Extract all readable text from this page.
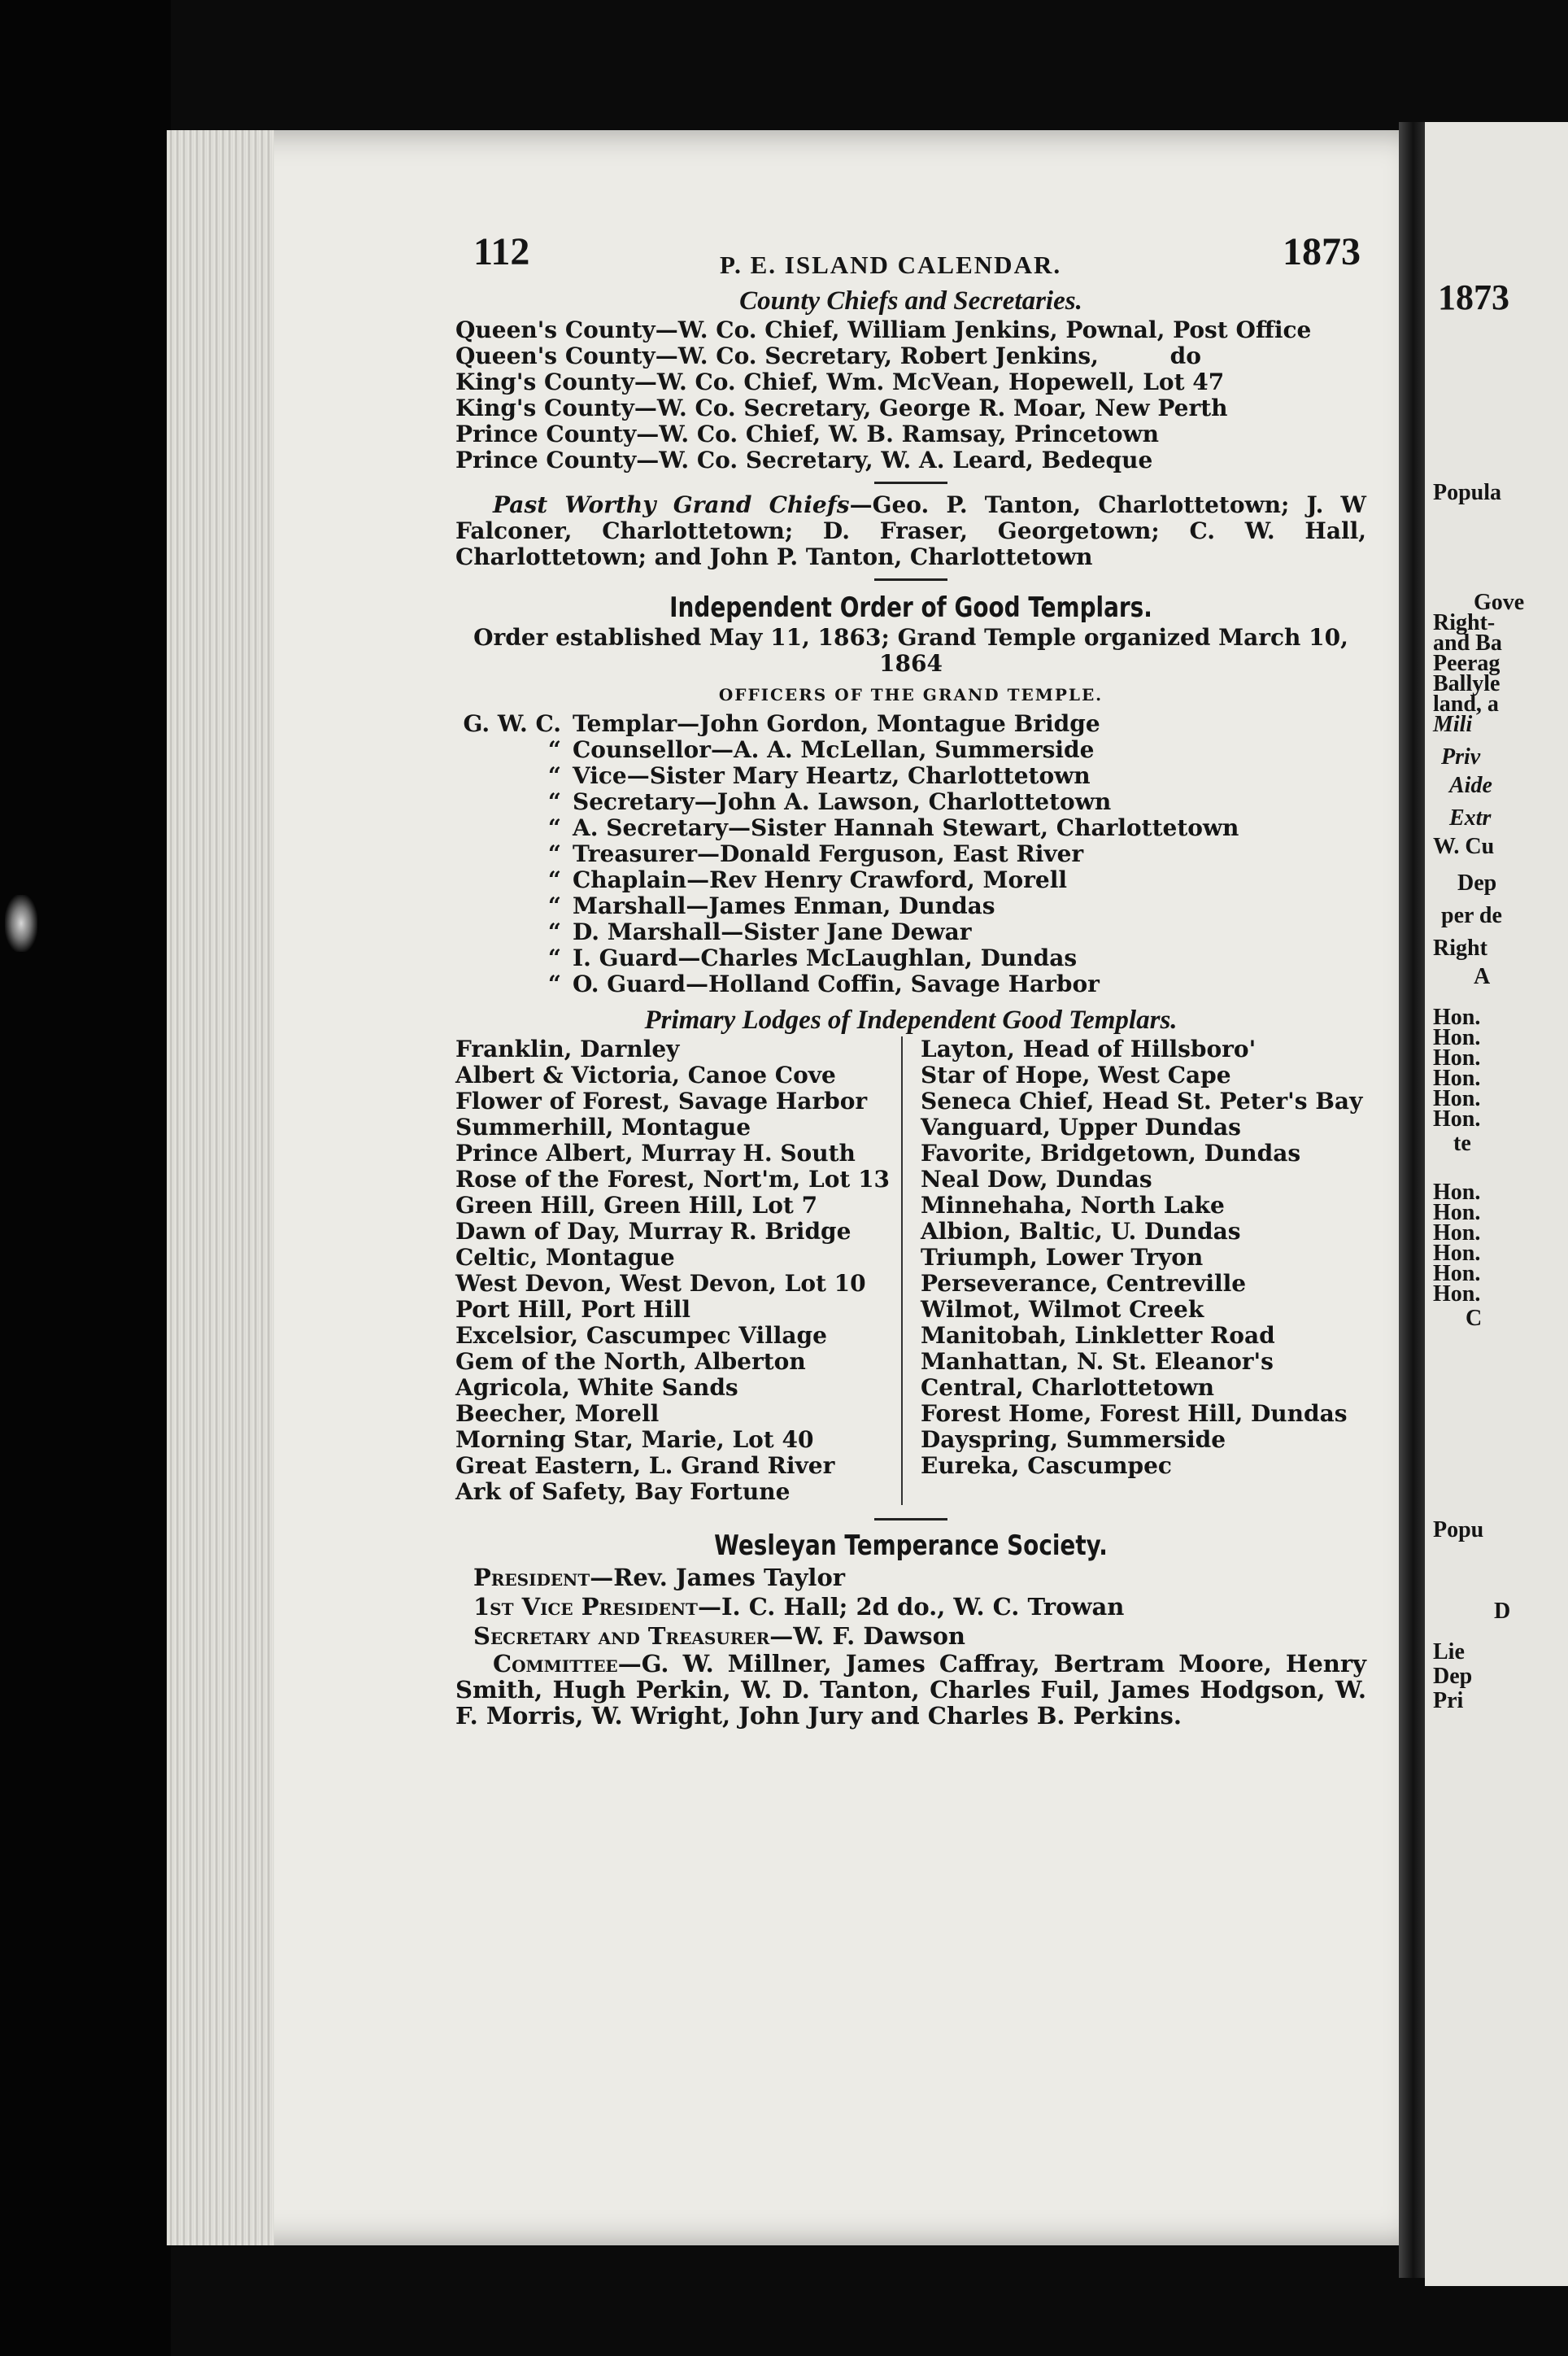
1873
Popula
Gove
Right-
and Ba
Peerag
Ballyle
land, a
Mili
Priv
Aide
Extr
W. Cu
Dep
per de
Right
A
Hon.
Hon.
Hon.
Hon.
Hon.
Hon.
te
Hon.
Hon.
Hon.
Hon.
Hon.
Hon.
C
Popu
D
Lie
Dep
Pri
112	P. E. ISLAND CALENDAR.	1873
County Chiefs and Secretaries.

Queen's County—W. Co. Chief, William Jenkins, Pownal, Post Office

Queen's County—W. Co. Secretary, Robert Jenkins,         do

King's County—W. Co. Chief, Wm. McVean, Hopewell, Lot 47

King's County—W. Co. Secretary, George R. Moar, New Perth

Prince County—W. Co. Chief, W. B. Ramsay, Princetown

Prince County—W. Co. Secretary, W. A. Leard, Bedeque

Past Worthy Grand Chiefs—Geo. P. Tanton, Charlottetown; J. W Falconer, Charlottetown; D. Fraser, Georgetown; C. W. Hall, Charlottetown; and John P. Tanton, Charlottetown

Independent Order of Good Templars.

Order established May 11, 1863; Grand Temple organized March 10, 1864

OFFICERS OF THE GRAND TEMPLE.
G. W. C. Templar—John Gordon, Montague Bridge
“ Counsellor—A. A. McLellan, Summerside
“ Vice—Sister Mary Heartz, Charlottetown
“ Secretary—John A. Lawson, Charlottetown
“ A. Secretary—Sister Hannah Stewart, Charlottetown
“ Treasurer—Donald Ferguson, East River
“ Chaplain—Rev Henry Crawford, Morell
“ Marshall—James Enman, Dundas
“ D. Marshall—Sister Jane Dewar
“ I. Guard—Charles McLaughlan, Dundas
“ O. Guard—Holland Coffin, Savage Harbor
Primary Lodges of Independent Good Templars.
Franklin, Darnley
Albert & Victoria, Canoe Cove
Flower of Forest, Savage Harbor
Summerhill, Montague
Prince Albert, Murray H. South
Rose of the Forest, Nort'm, Lot 13
Green Hill, Green Hill, Lot 7
Dawn of Day, Murray R. Bridge
Celtic, Montague
West Devon, West Devon, Lot 10
Port Hill, Port Hill
Excelsior, Cascumpec Village
Gem of the North, Alberton
Agricola, White Sands
Beecher, Morell
Morning Star, Marie, Lot 40
Great Eastern, L. Grand River
Ark of Safety, Bay Fortune
Layton, Head of Hillsboro'
Star of Hope, West Cape
Seneca Chief, Head St. Peter's Bay
Vanguard, Upper Dundas
Favorite, Bridgetown, Dundas
Neal Dow, Dundas
Minnehaha, North Lake
Albion, Baltic, U. Dundas
Triumph, Lower Tryon
Perseverance, Centreville
Wilmot, Wilmot Creek
Manitobah, Linkletter Road
Manhattan, N. St. Eleanor's
Central, Charlottetown
Forest Home, Forest Hill, Dundas
Dayspring, Summerside
Eureka, Cascumpec
Wesleyan Temperance Society.

President—Rev. James Taylor

1st Vice President—I. C. Hall; 2d do., W. C. Trowan

Secretary and Treasurer—W. F. Dawson

Committee—G. W. Millner, James Caffray, Bertram Moore, Henry Smith, Hugh Perkin, W. D. Tanton, Charles Fuil, James Hodgson, W. F. Morris, W. Wright, John Jury and Charles B. Perkins.
